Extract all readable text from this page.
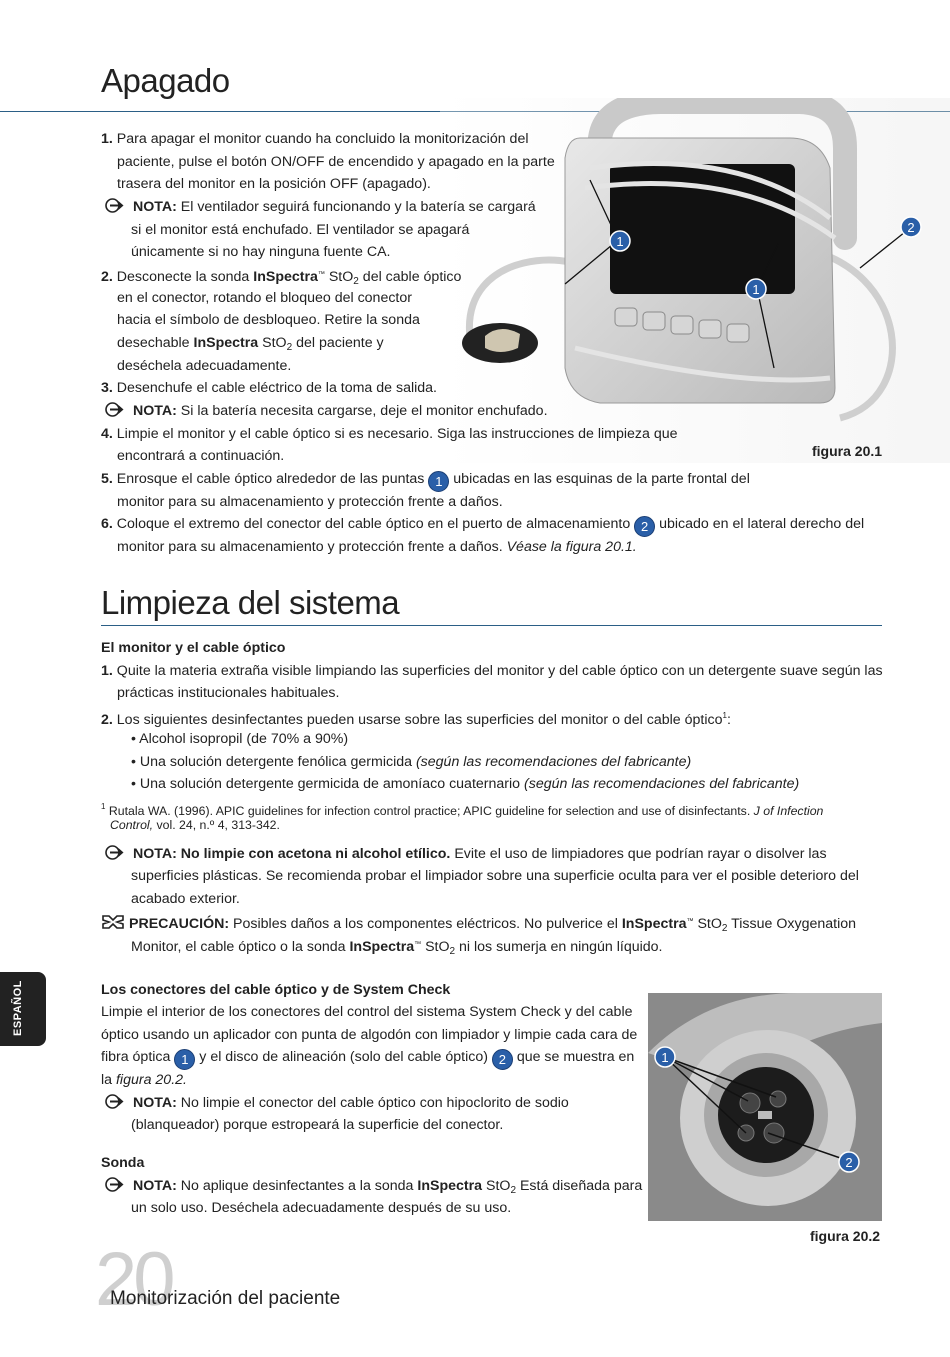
Apagado
1
1
2
figura 20.1
1. Para apagar el monitor cuando ha concluido la monitorización del
paciente, pulse el botón ON/OFF de encendido y apagado en la parte
trasera del monitor en la posición OFF (apagado).
NOTA: El ventilador seguirá funcionando y la batería se cargará
si el monitor está enchufado. El ventilador se apagará
únicamente si no hay ninguna fuente CA.
2. Desconecte la sonda InSpectra™ StO$_2$ del cable óptico
en el conector, rotando el bloqueo del conector
hacia el símbolo de desbloqueo. Retire la sonda
desechable InSpectra StO$_2$ del paciente y
deséchela adecuadamente.
3. Desenchufe el cable eléctrico de la toma de salida.
NOTA: Si la batería necesita cargarse, deje el monitor enchufado.
4. Limpie el monitor y el cable óptico si es necesario. Siga las instrucciones de limpieza que
encontrará a continuación.
5. Enrosque el cable óptico alrededor de las puntas 1 ubicadas en las esquinas de la parte frontal del
monitor para su almacenamiento y protección frente a daños.
6. Coloque el extremo del conector del cable óptico en el puerto de almacenamiento 2 ubicado en el lateral derecho del
monitor para su almacenamiento y protección frente a daños. Véase la figura 20.1.
Limpieza del sistema
El monitor y el cable óptico
1. Quite la materia extraña visible limpiando las superficies del monitor y del cable óptico con un detergente suave según las
prácticas institucionales habituales.
2. Los siguientes desinfectantes pueden usarse sobre las superficies del monitor o del cable óptico$^1$:
• Alcohol isopropil (de 70% a 90%)
• Una solución detergente fenólica germicida (según las recomendaciones del fabricante)
• Una solución detergente germicida de amoníaco cuaternario (según las recomendaciones del fabricante)
$^1$ Rutala WA. (1996). APIC guidelines for infection control practice; APIC guideline for selection and use of disinfectants. J of Infection
Control, vol. 24, n.º 4, 313-342.
NOTA: No limpie con acetona ni alcohol etílico. Evite el uso de limpiadores que podrían rayar o disolver las
superficies plásticas. Se recomienda probar el limpiador sobre una superficie oculta para ver el posible deterioro del
acabado exterior.
PRECAUCIÓN: Posibles daños a los componentes eléctricos. No pulverice el InSpectra™ StO$_2$ Tissue Oxygenation
Monitor, el cable óptico o la sonda InSpectra™ StO$_2$ ni los sumerja en ningún líquido.
Los conectores del cable óptico y de System Check
Limpie el interior de los conectores del control del sistema System Check y del cable
óptico usando un aplicador con punta de algodón con limpiador y limpie cada cara de
fibra óptica 1 y el disco de alineación (solo del cable óptico) 2 que se muestra en
la figura 20.2.
NOTA: No limpie el conector del cable óptico con hipoclorito de sodio
(blanqueador) porque estropeará la superficie del conector.
Sonda
NOTA: No aplique desinfectantes a la sonda InSpectra StO$_2$ Está diseñada para
un solo uso. Deséchela adecuadamente después de su uso.
1
2
figura 20.2
ESPAÑOL
20
Monitorización del paciente
